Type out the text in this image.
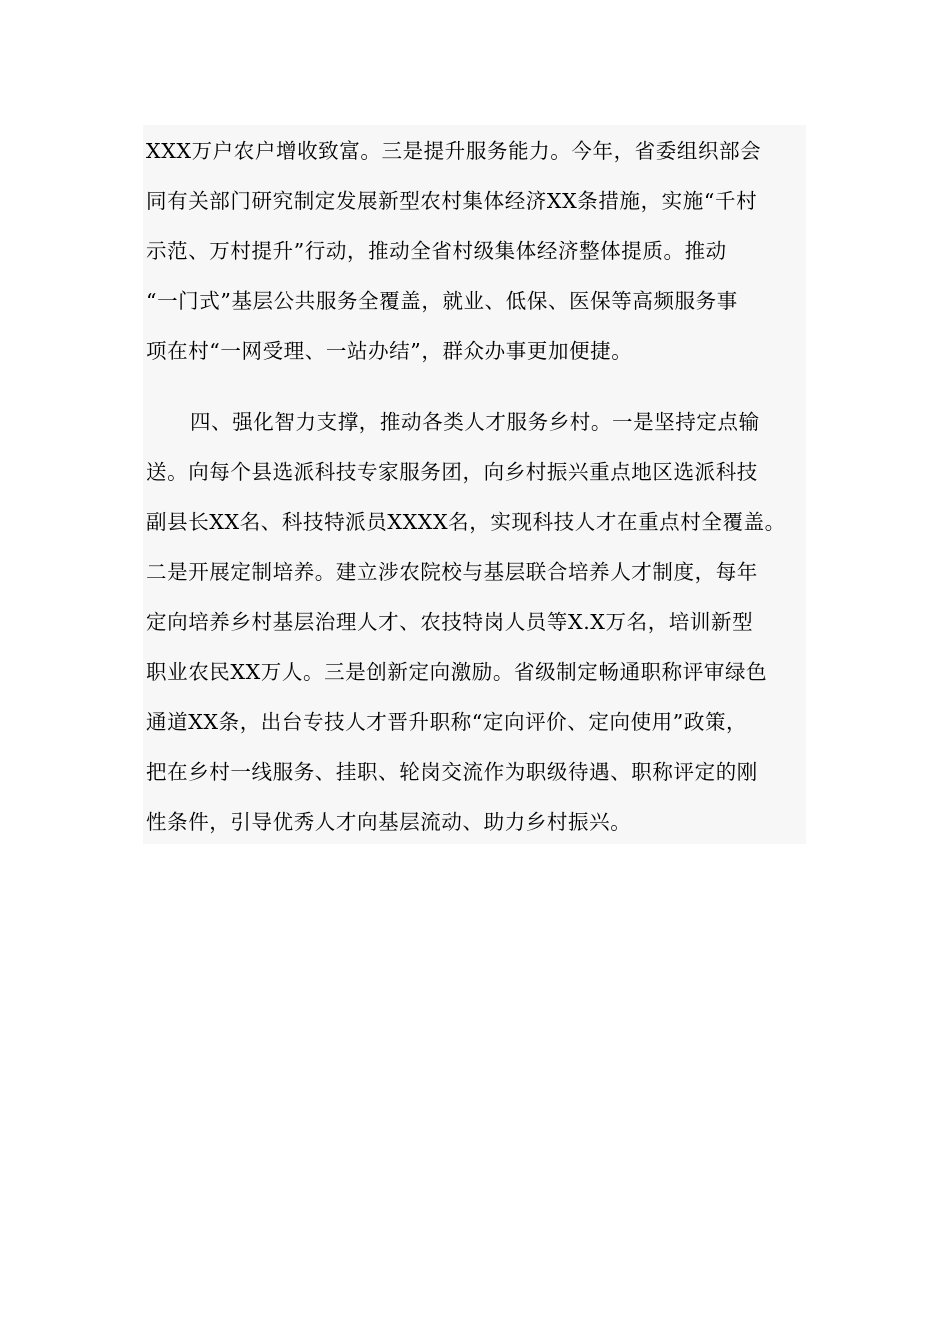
XXX万户农户增收致富。三是提升服务能力。今年，省委组织部会
同有关部门研究制定发展新型农村集体经济XX条措施，实施“千村
示范、万村提升”行动，推动全省村级集体经济整体提质。推动
“一门式”基层公共服务全覆盖，就业、低保、医保等高频服务事
项在村“一网受理、一站办结”，群众办事更加便捷。
四、强化智力支撑，推动各类人才服务乡村。一是坚持定点输
送。向每个县选派科技专家服务团，向乡村振兴重点地区选派科技
副县长XX名、科技特派员XXXX名，实现科技人才在重点村全覆盖。
二是开展定制培养。建立涉农院校与基层联合培养人才制度，每年
定向培养乡村基层治理人才、农技特岗人员等X.X万名，培训新型
职业农民XX万人。三是创新定向激励。省级制定畅通职称评审绿色
通道XX条，出台专技人才晋升职称“定向评价、定向使用”政策，
把在乡村一线服务、挂职、轮岗交流作为职级待遇、职称评定的刚
性条件，引导优秀人才向基层流动、助力乡村振兴。
